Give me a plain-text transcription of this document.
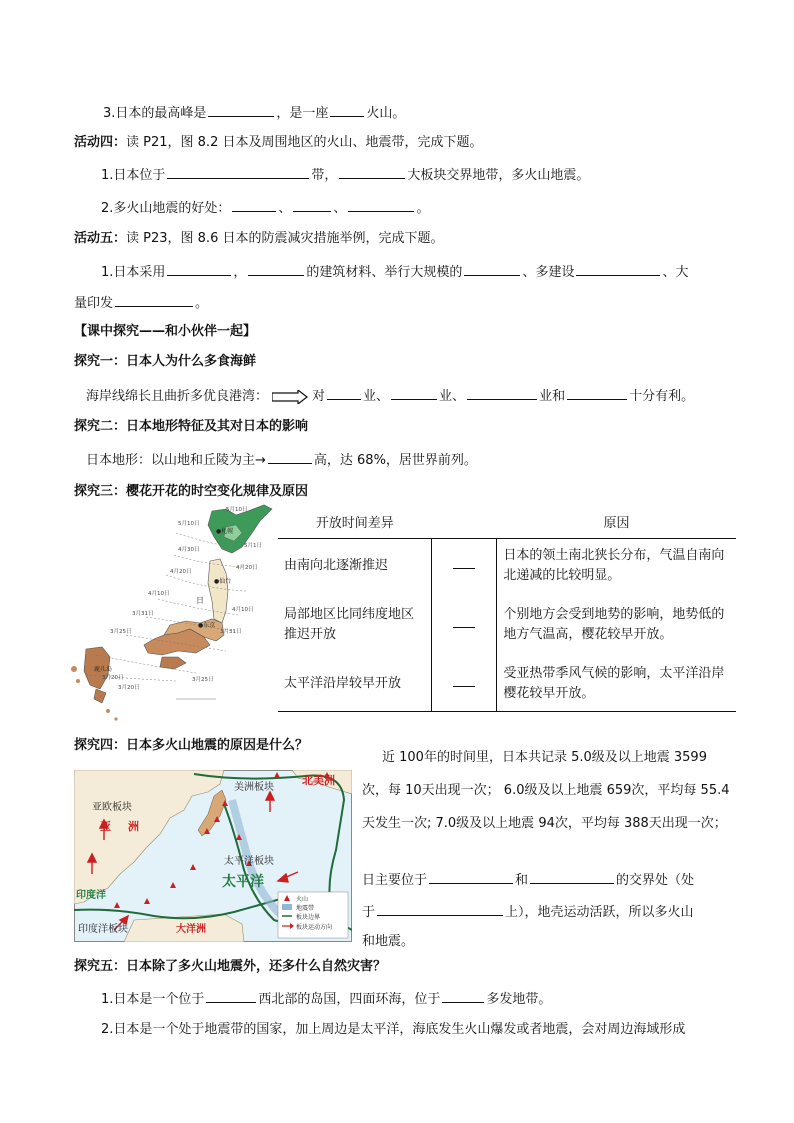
3.日本的最高峰是	，是一座	火山。
活动四：读 P21，图 8.2 日本及周围地区的火山、地震带，完成下题。
1.日本位于	带，	大板块交界地带，多火山地震。
2.多火山地震的好处：	、	、	。
活动五：读 P23，图 8.6 日本的防震减灾措施举例，完成下题。
1.日本采用	，	的建筑材料、举行大规模的	、多建设	、大
量印发	。
【课中探究——和小伙伴一起】
探究一：日本人为什么多食海鲜
海岸线绵长且曲折多优良港湾：	对	业、	业、	业和	十分有利。
探究二：日本地形特征及其对日本的影响
日本地形：以山地和丘陵为主→	高，达 68%，居世界前列。
探究三：樱花开花的时空变化规律及原因
5月10日
5月10日
5月1日
4月30日
4月20日
4月20日
4月10日
4月10日
3月31日
3月31日
3月25日
3月25日
3月20日
3月20日
●札幌
●仙台
●东京
鹿儿岛
日
开放时间差异		原因
由南向北逐渐推迟		日本的领土南北狭长分布，气温自南向北递减的比较明显。
局部地区比同纬度地区推迟开放		个别地方会受到地势的影响，地势低的地方气温高，樱花较早开放。
太平洋沿岸较早开放		受亚热带季风气候的影响，太平洋沿岸樱花较早开放。
探究四：日本多火山地震的原因是什么？
北美洲
亚欧板块
亚 洲
美洲板块
太平洋板块
太平洋
印度洋
印度洋板块	大洋洲
火山
地震带
板块边界
板块运动方向
近 100年的时间里，日本共记录 5.0级及以上地震 3599次，每 10天出现一次； 6.0级及以上地震 659次，平均每 55.4天发生一次; 7.0级及以上地震 94次，平均每 388天出现一次；
日主要位于	和	的交界处（处
于	上），地壳运动活跃，所以多火山
和地震。
探究五：日本除了多火山地震外，还多什么自然灾害？
1.日本是一个位于	西北部的岛国，四面环海，位于	多发地带。
2.日本是一个处于地震带的国家，加上周边是太平洋，海底发生火山爆发或者地震，会对周边海域形成
